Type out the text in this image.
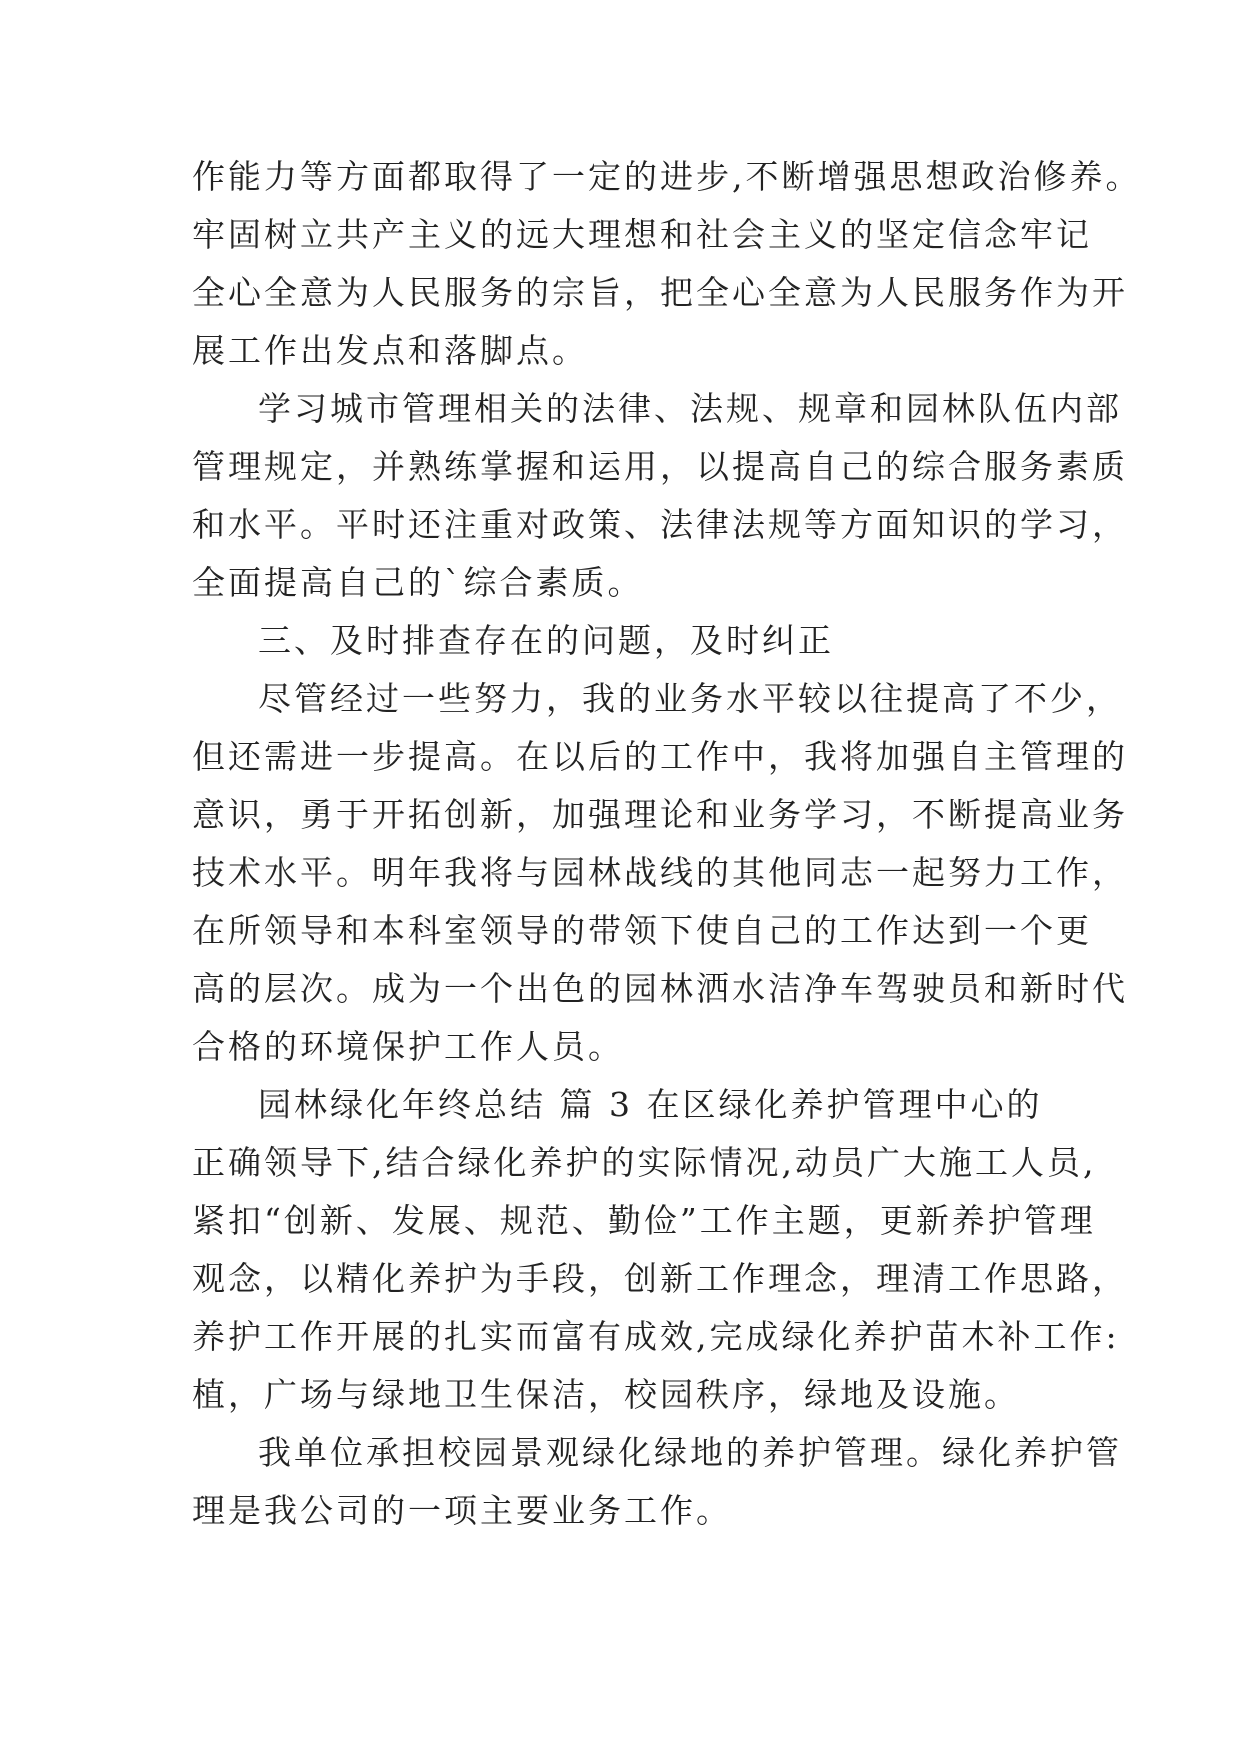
作能力等方面都取得了一定的进步,不断增强思想政治修养。
牢固树立共产主义的远大理想和社会主义的坚定信念牢记
全心全意为人民服务的宗旨，把全心全意为人民服务作为开
展工作出发点和落脚点。
学习城市管理相关的法律、法规、规章和园林队伍内部
管理规定，并熟练掌握和运用，以提高自己的综合服务素质
和水平。平时还注重对政策、法律法规等方面知识的学习，
全面提高自己的`综合素质。
三、及时排查存在的问题，及时纠正
尽管经过一些努力，我的业务水平较以往提高了不少，
但还需进一步提高。在以后的工作中，我将加强自主管理的
意识，勇于开拓创新，加强理论和业务学习，不断提高业务
技术水平。明年我将与园林战线的其他同志一起努力工作，
在所领导和本科室领导的带领下使自己的工作达到一个更
高的层次。成为一个出色的园林洒水洁净车驾驶员和新时代
合格的环境保护工作人员。
园林绿化年终总结 篇 3 在区绿化养护管理中心的
正确领导下,结合绿化养护的实际情况,动员广大施工人员,
紧扣“创新、发展、规范、勤俭”工作主题，更新养护管理
观念，以精化养护为手段，创新工作理念，理清工作思路，
养护工作开展的扎实而富有成效,完成绿化养护苗木补工作:
植，广场与绿地卫生保洁，校园秩序，绿地及设施。
我单位承担校园景观绿化绿地的养护管理。绿化养护管
理是我公司的一项主要业务工作。
